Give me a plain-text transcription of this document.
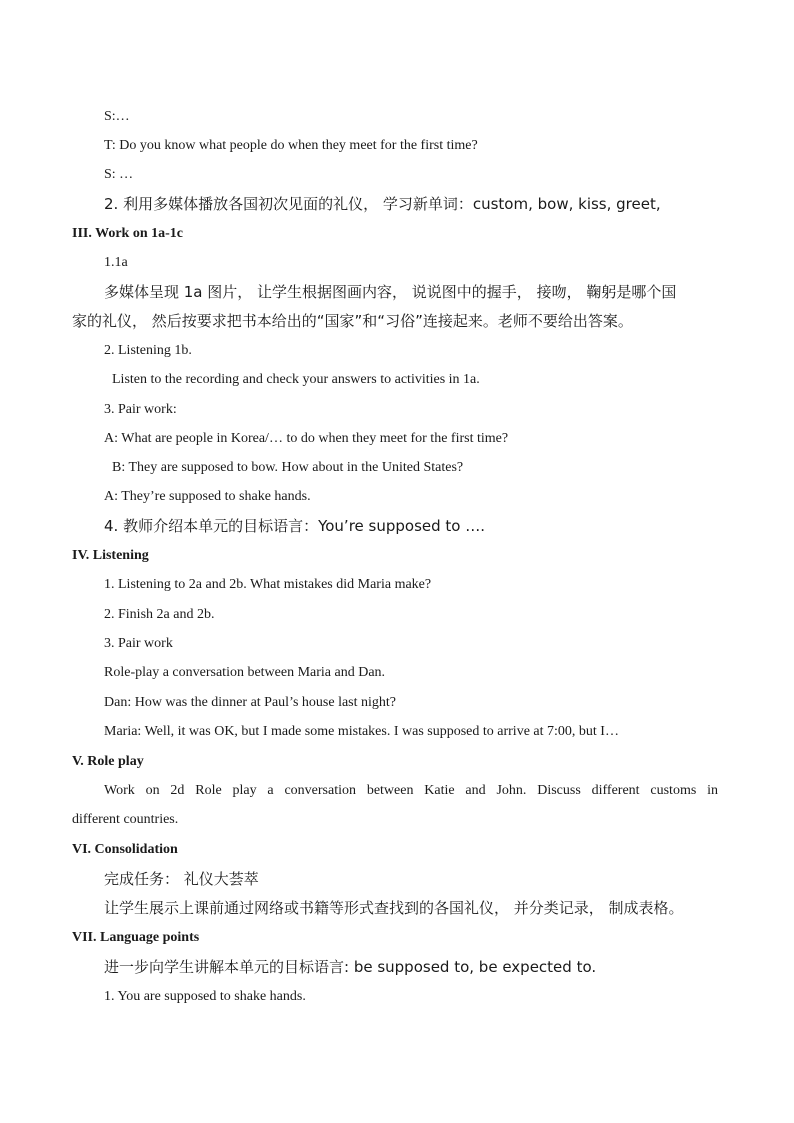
S:…
T: Do you know what people do when they meet for the first time?
S: …
2. 利用多媒体播放各国初次见面的礼仪， 学习新单词：custom, bow, kiss, greet,
III. Work on 1a-1c
1.1a
多媒体呈现 1a 图片， 让学生根据图画内容， 说说图中的握手， 接吻， 鞠躬是哪个国
家的礼仪， 然后按要求把书本给出的“国家”和“习俗”连接起来。老师不要给出答案。
2. Listening 1b.
Listen to the recording and check your answers to activities in 1a.
3. Pair work:
A: What are people in Korea/… to do when they meet for the first time?
B: They are supposed to bow. How about in the United States?
A: They’re supposed to shake hands.
4. 教师介绍本单元的目标语言：You’re supposed to ….
IV. Listening
1. Listening to 2a and 2b. What mistakes did Maria make?
2. Finish 2a and 2b.
3. Pair work
Role-play a conversation between Maria and Dan.
Dan: How was the dinner at Paul’s house last night?
Maria: Well, it was OK, but I made some mistakes. I was supposed to arrive at 7:00, but I…
V. Role play
Work on 2d Role play a conversation between Katie and John. Discuss different customs in
different countries.
VI. Consolidation
完成任务： 礼仪大荟萃
让学生展示上课前通过网络或书籍等形式查找到的各国礼仪， 并分类记录， 制成表格。
VII. Language points
进一步向学生讲解本单元的目标语言: be supposed to, be expected to.
1. You are supposed to shake hands.
